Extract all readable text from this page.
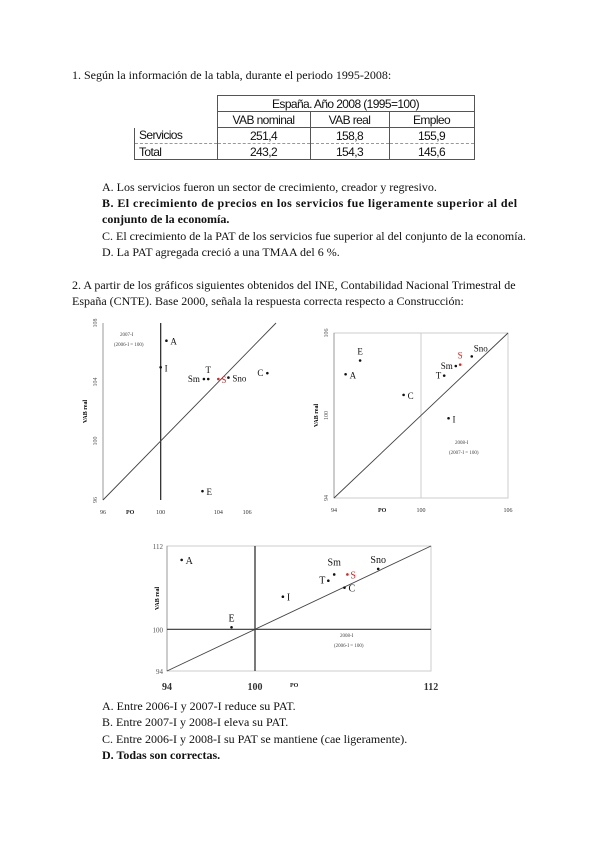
1. Según la información de la tabla, durante el periodo 1995-2008:
	España. Año 2008 (1995=100)		
	VAB nominal	VAB real	Empleo
Servicios	251,4	158,8	155,9
Total	243,2	154,3	145,6
A. Los servicios fueron un sector de crecimiento, creador y regresivo.
B. El crecimiento de precios en los servicios fue ligeramente superior al del
conjunto de la economía.
C. El crecimiento de la PAT de los servicios fue superior al del conjunto de la economía.
D. La PAT agregada creció a una TMAA del 6 %.
2. A partir de los gráficos siguientes obtenidos del INE, Contabilidad Nacional Trimestral de
España (CNTE). Base 2000, señala la respuesta correcta respecto a Construcción:
96	100	104	106
96
100
104
108
PO
VAB real
2007-I
(2006-I = 100)	A
I	T
Sm S Sno
C
E
94	100	106
94
100
106
PO
VAB real
2008-I
(2007-I = 100)
A
E
C
T
Sm
S
Sno
I
94	100	112
94
100
112
PO
VAB real
2008-I
(2006-I = 100)
A
E
I
T
Sm
S
C
Sno
A. Entre 2006-I y 2007-I reduce su PAT.
B. Entre 2007-I y 2008-I eleva su PAT.
C. Entre 2006-I y 2008-I su PAT se mantiene (cae ligeramente).
D. Todas son correctas.
